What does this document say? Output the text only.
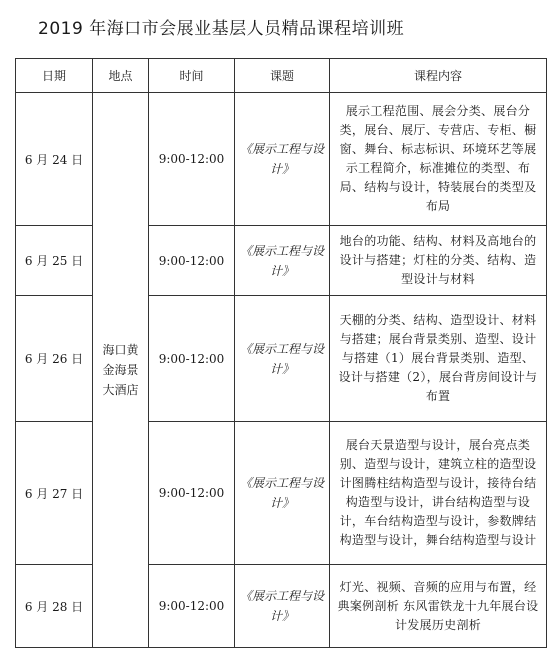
2019 年海口市会展业基层人员精品课程培训班
日期	地点	时间	课题	课程内容
6 月 24 日	海口黄金海景大酒店	9:00-12:00	《展示工程与设计》	展示工程范围、展会分类、展台分类，展台、展厅、专营店、专柜、橱窗、舞台、标志标识、环境环艺等展示工程简介，标准摊位的类型、布局、结构与设计，特装展台的类型及布局
6 月 25 日		9:00-12:00	《展示工程与设计》	地台的功能、结构、材料及高地台的设计与搭建；灯柱的分类、结构、造型设计与材料
6 月 26 日		9:00-12:00	《展示工程与设计》	天棚的分类、结构、造型设计、材料与搭建；展台背景类别、造型、设计与搭建（1）展台背景类别、造型、设计与搭建（2），展台背房间设计与布置
6 月 27 日		9:00-12:00	《展示工程与设计》	展台天景造型与设计，展台亮点类别、造型与设计，建筑立柱的造型设计图腾柱结构造型与设计，接待台结构造型与设计，讲台结构造型与设计，车台结构造型与设计，参数牌结构造型与设计，舞台结构造型与设计
6 月 28 日		9:00-12:00	《展示工程与设计》	灯光、视频、音频的应用与布置，经典案例剖析 东风雷铁龙十九年展台设计发展历史剖析
